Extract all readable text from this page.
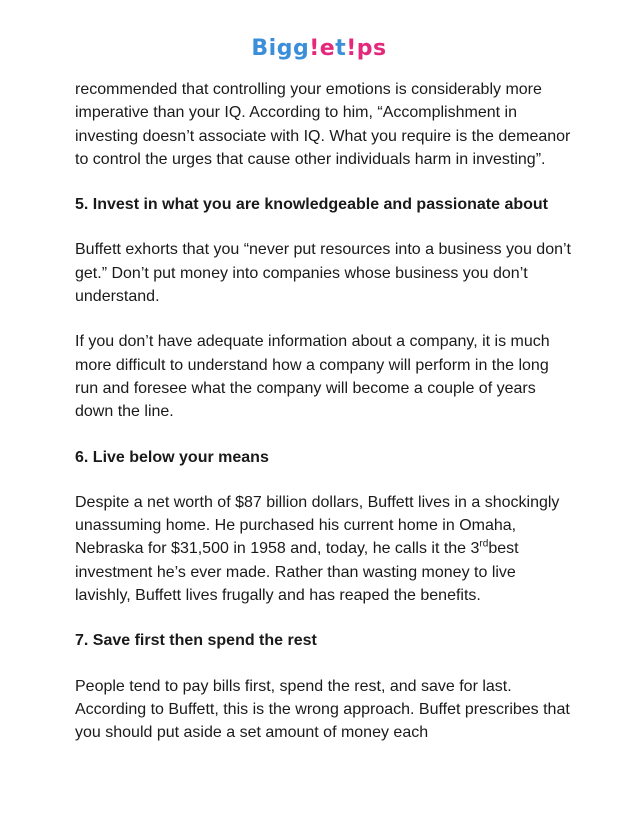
Bigg!et!ps

recommended that controlling your emotions is considerably more imperative than your IQ. According to him, “Accomplishment in investing doesn’t associate with IQ. What you require is the demeanor to control the urges that cause other individuals harm in investing”.

5. Invest in what you are knowledgeable and passionate about

Buffett exhorts that you “never put resources into a business you don’t get.” Don’t put money into companies whose business you don’t understand.

If you don’t have adequate information about a company, it is much more difficult to understand how a company will perform in the long run and foresee what the company will become a couple of years down the line.

6. Live below your means

Despite a net worth of $87 billion dollars, Buffett lives in a shockingly unassuming home. He purchased his current home in Omaha, Nebraska for $31,500 in 1958 and, today, he calls it the 3rdbest investment he’s ever made. Rather than wasting money to live lavishly, Buffett lives frugally and has reaped the benefits.

7. Save first then spend the rest

People tend to pay bills first, spend the rest, and save for last. According to Buffett, this is the wrong approach. Buffet prescribes that you should put aside a set amount of money each
